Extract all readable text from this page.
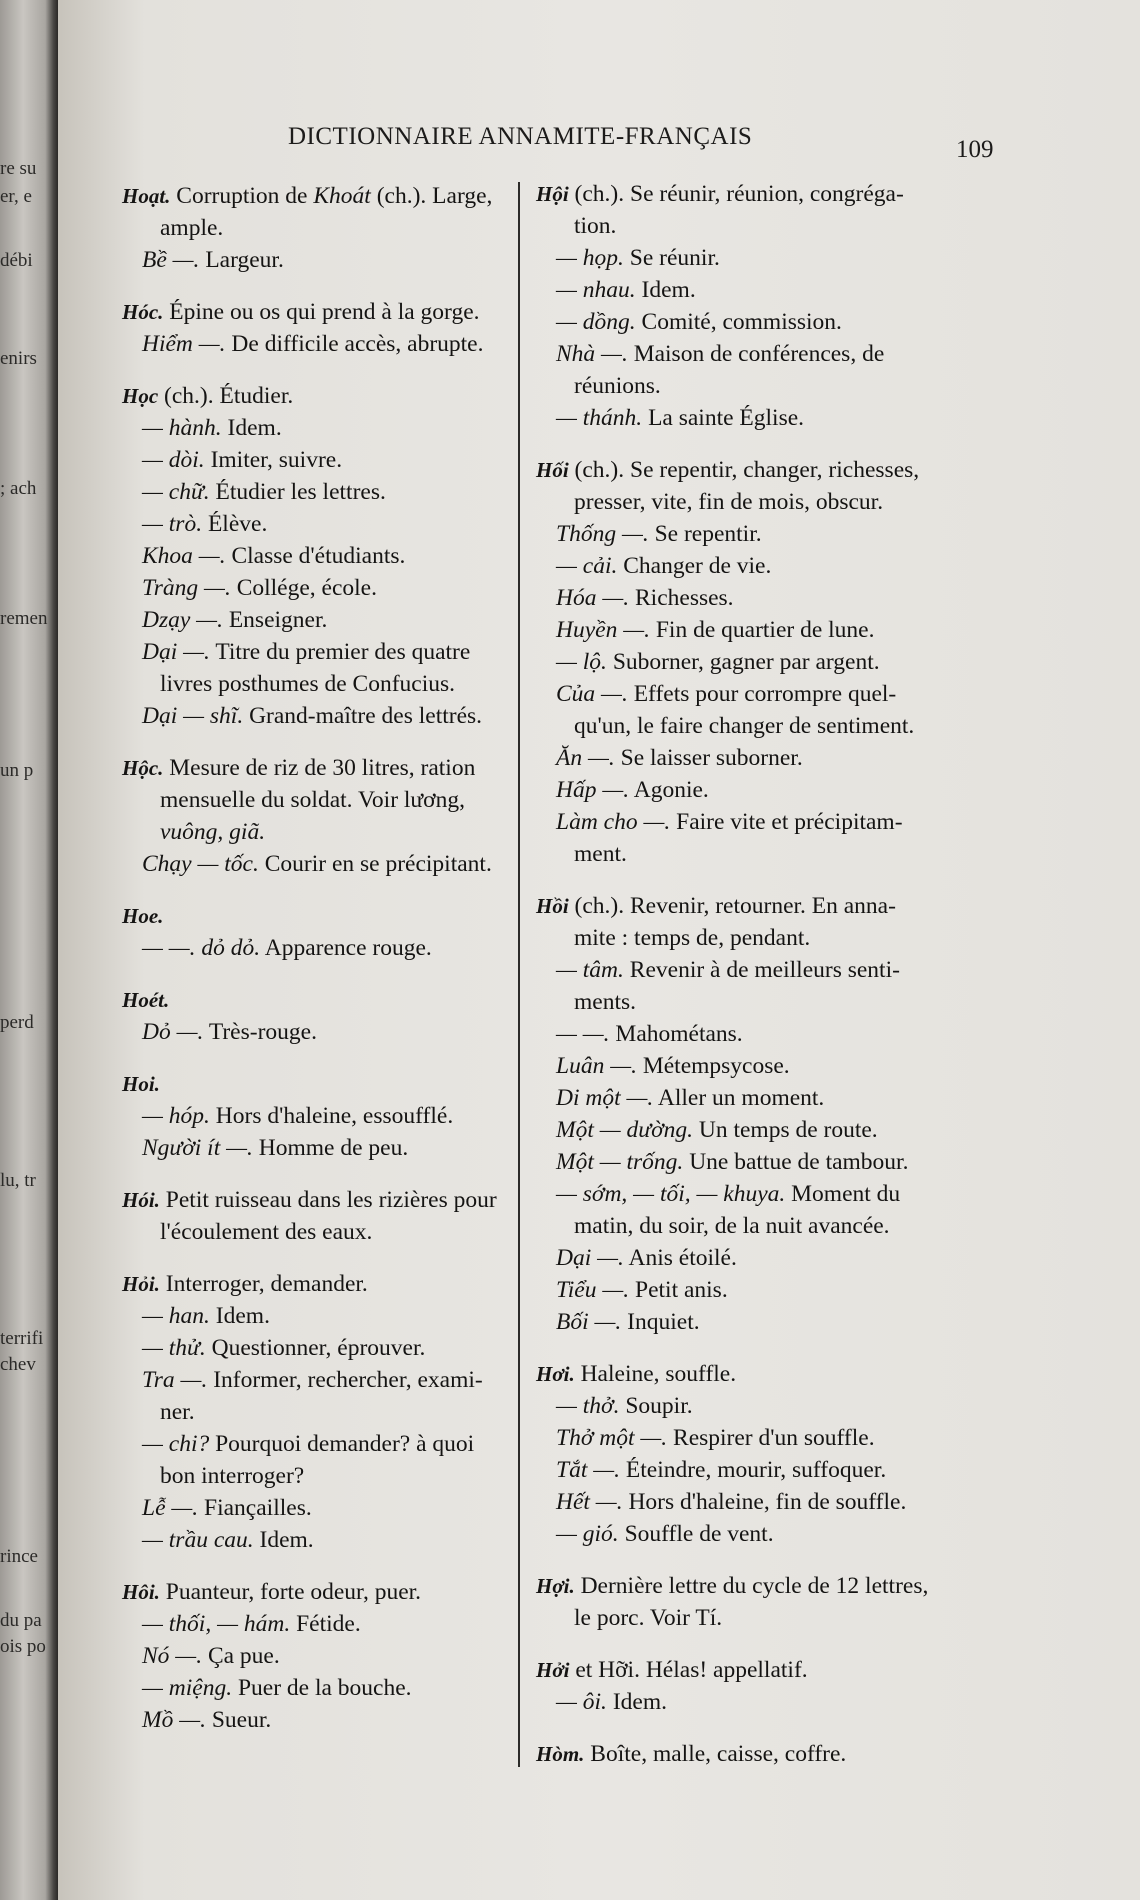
re su
er, e
débi
enirs
; ach
remen
un p
perd
lu, tr
terrifi
chev
rince
du pa
ois po
DICTIONNAIRE ANNAMITE-FRANÇAIS	109
Hoạt. Corruption de Khoát (ch.). Large,
ample.
Bề —. Largeur.
Hóc. Épine ou os qui prend à la gorge.
Hiểm —. De difficile accès, abrupte.
Học (ch.). Étudier.
— hành. Idem.
— dòi. Imiter, suivre.
— chữ. Étudier les lettres.
— trò. Élève.
Khoa —. Classe d'étudiants.
Tràng —. Collége, école.
Dzạy —. Enseigner.
Dại —. Titre du premier des quatre
livres posthumes de Confucius.
Dại — shĩ. Grand-maître des lettrés.
Hộc. Mesure de riz de 30 litres, ration
mensuelle du soldat. Voir lương,
vuông, giã.
Chạy — tốc. Courir en se précipitant.
Hoe.
— —. dỏ dỏ. Apparence rouge.
Hoét.
Dỏ —. Très-rouge.
Hoi.
— hóp. Hors d'haleine, essoufflé.
Người ít —. Homme de peu.
Hói. Petit ruisseau dans les rizières pour
l'écoulement des eaux.
Hỏi. Interroger, demander.
— han. Idem.
— thử. Questionner, éprouver.
Tra —. Informer, rechercher, exami-
ner.
— chi? Pourquoi demander? à quoi
bon interroger?
Lễ —. Fiançailles.
— trầu cau. Idem.
Hôi. Puanteur, forte odeur, puer.
— thối, — hám. Fétide.
Nó —. Ça pue.
— miệng. Puer de la bouche.
Mồ —. Sueur.
Hội (ch.). Se réunir, réunion, congréga-
tion.
— họp. Se réunir.
— nhau. Idem.
— dồng. Comité, commission.
Nhà —. Maison de conférences, de
réunions.
— thánh. La sainte Église.
Hối (ch.). Se repentir, changer, richesses,
presser, vite, fin de mois, obscur.
Thống —. Se repentir.
— cải. Changer de vie.
Hóa —. Richesses.
Huyền —. Fin de quartier de lune.
— lộ. Suborner, gagner par argent.
Của —. Effets pour corrompre quel-
qu'un, le faire changer de sentiment.
Ăn —. Se laisser suborner.
Hấp —. Agonie.
Làm cho —. Faire vite et précipitam-
ment.
Hồi (ch.). Revenir, retourner. En anna-
mite : temps de, pendant.
— tâm. Revenir à de meilleurs senti-
ments.
— —. Mahométans.
Luân —. Métempsycose.
Di một —. Aller un moment.
Một — dường. Un temps de route.
Một — trống. Une battue de tambour.
— sớm, — tối, — khuya. Moment du
matin, du soir, de la nuit avancée.
Dại —. Anis étoilé.
Tiểu —. Petit anis.
Bối —. Inquiet.
Hơi. Haleine, souffle.
— thở. Soupir.
Thở một —. Respirer d'un souffle.
Tắt —. Éteindre, mourir, suffoquer.
Hết —. Hors d'haleine, fin de souffle.
— gió. Souffle de vent.
Hợi. Dernière lettre du cycle de 12 lettres,
le porc. Voir Tí.
Hởi et Hỡi. Hélas! appellatif.
— ôi. Idem.
Hòm. Boîte, malle, caisse, coffre.
